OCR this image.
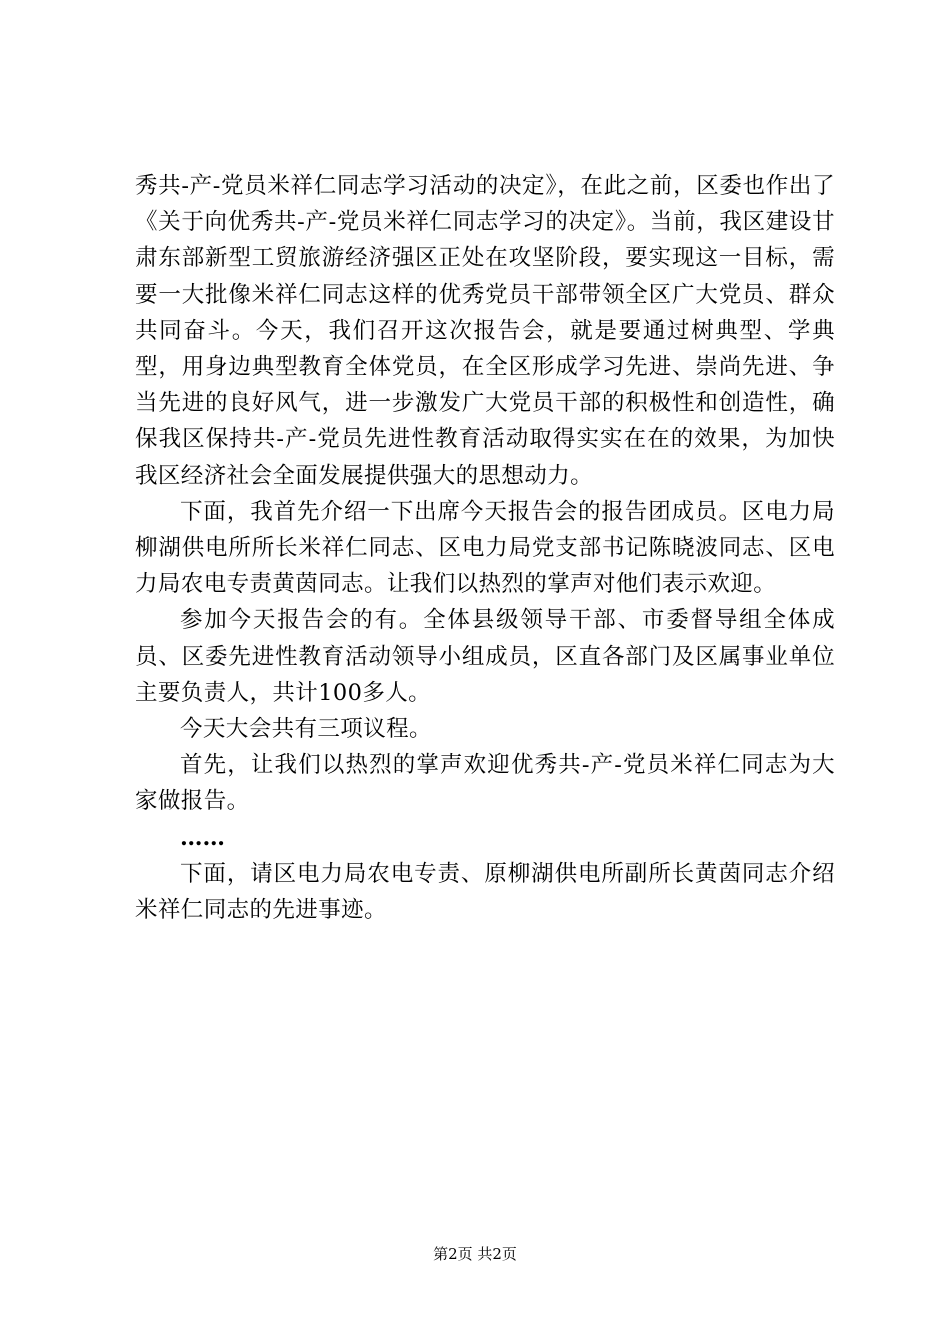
秀共-产-党员米祥仁同志学习活动的决定》，在此之前，区委也作出了《关于向优秀共-产-党员米祥仁同志学习的决定》。当前，我区建设甘肃东部新型工贸旅游经济强区正处在攻坚阶段，要实现这一目标，需要一大批像米祥仁同志这样的优秀党员干部带领全区广大党员、群众共同奋斗。今天，我们召开这次报告会，就是要通过树典型、学典型，用身边典型教育全体党员，在全区形成学习先进、崇尚先进、争当先进的良好风气，进一步激发广大党员干部的积极性和创造性，确保我区保持共-产-党员先进性教育活动取得实实在在的效果，为加快我区经济社会全面发展提供强大的思想动力。

下面，我首先介绍一下出席今天报告会的报告团成员。区电力局柳湖供电所所长米祥仁同志、区电力局党支部书记陈晓波同志、区电力局农电专责黄茵同志。让我们以热烈的掌声对他们表示欢迎。

参加今天报告会的有。全体县级领导干部、市委督导组全体成员、区委先进性教育活动领导小组成员，区直各部门及区属事业单位主要负责人，共计100多人。

今天大会共有三项议程。

首先，让我们以热烈的掌声欢迎优秀共-产-党员米祥仁同志为大家做报告。

……

下面，请区电力局农电专责、原柳湖供电所副所长黄茵同志介绍米祥仁同志的先进事迹。

第2页 共2页
